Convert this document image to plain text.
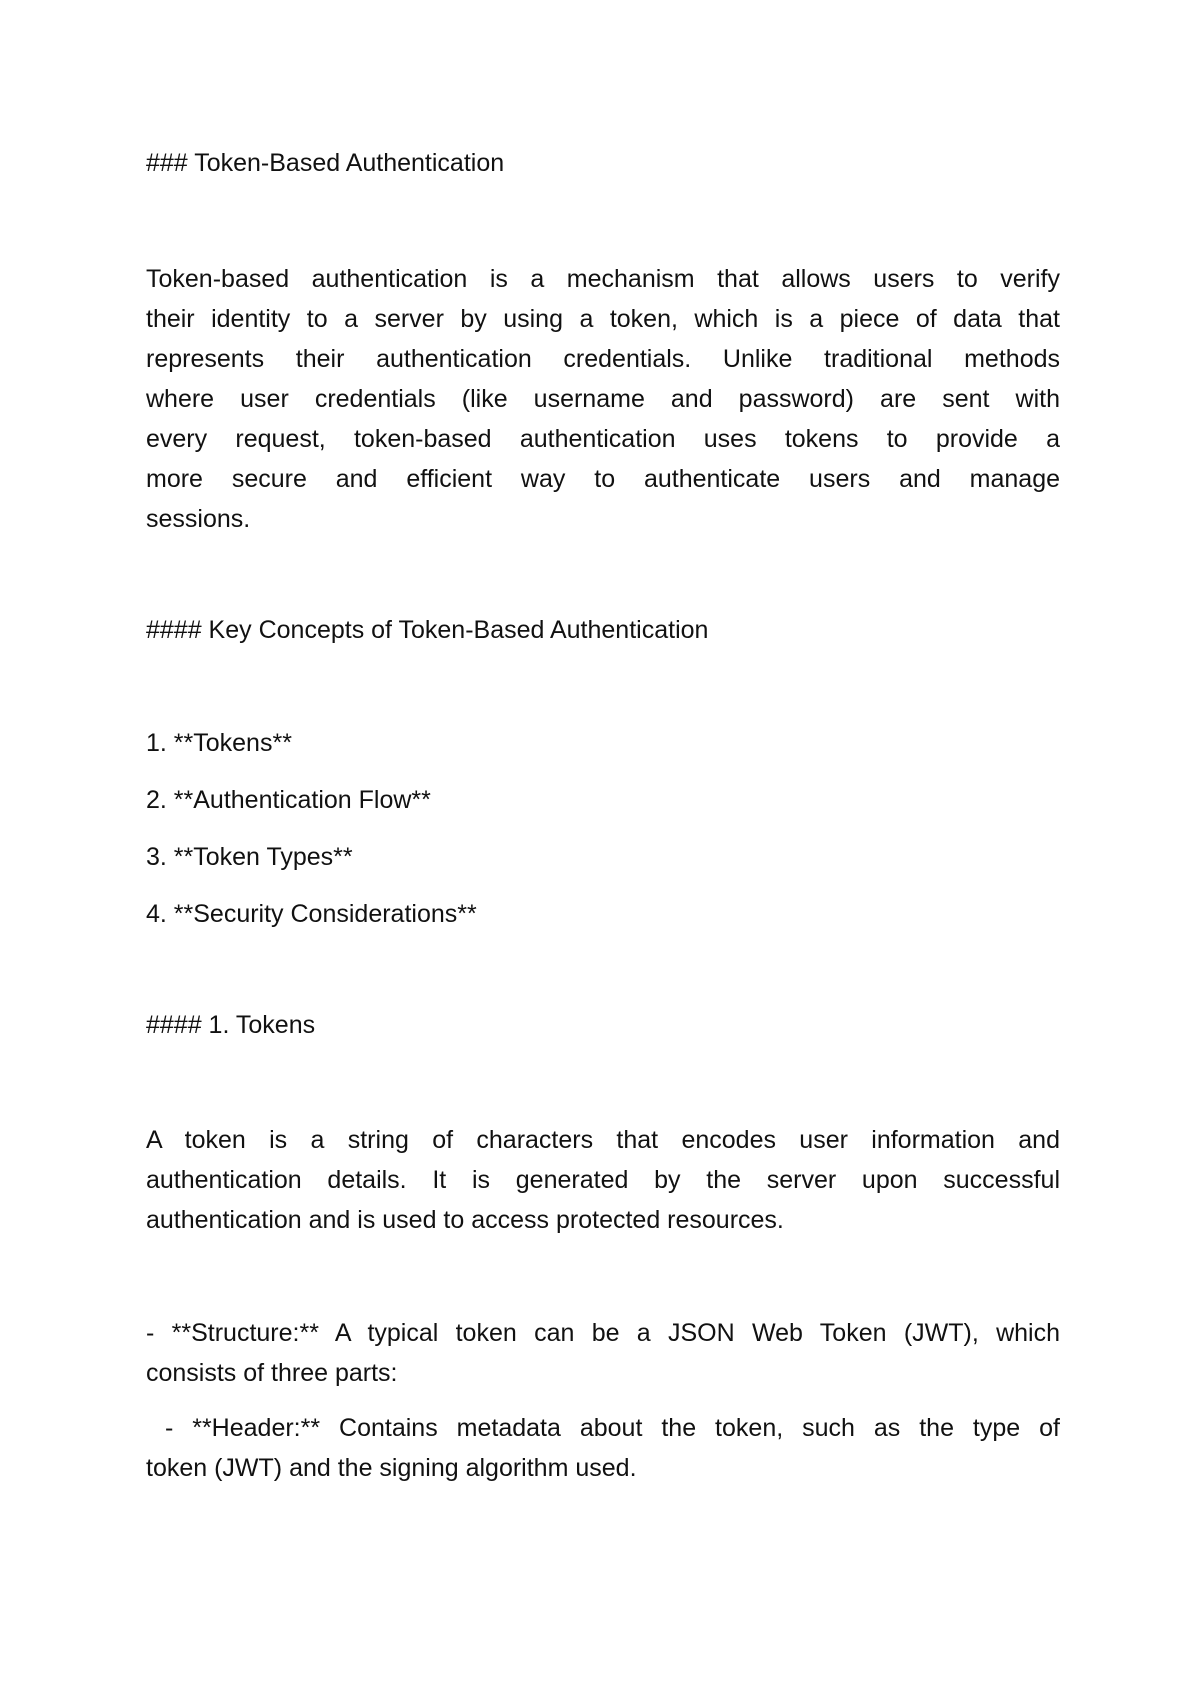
### Token-Based Authentication
Token-based authentication is a mechanism that allows users to verify
their identity to a server by using a token, which is a piece of data that
represents their authentication credentials. Unlike traditional methods
where user credentials (like username and password) are sent with
every request, token-based authentication uses tokens to provide a
more secure and efficient way to authenticate users and manage
sessions.
#### Key Concepts of Token-Based Authentication
1. **Tokens**
2. **Authentication Flow**
3. **Token Types**
4. **Security Considerations**
#### 1. Tokens
A token is a string of characters that encodes user information and
authentication details. It is generated by the server upon successful
authentication and is used to access protected resources.
- **Structure:** A typical token can be a JSON Web Token (JWT), which
consists of three parts:
- **Header:** Contains metadata about the token, such as the type of
token (JWT) and the signing algorithm used.
